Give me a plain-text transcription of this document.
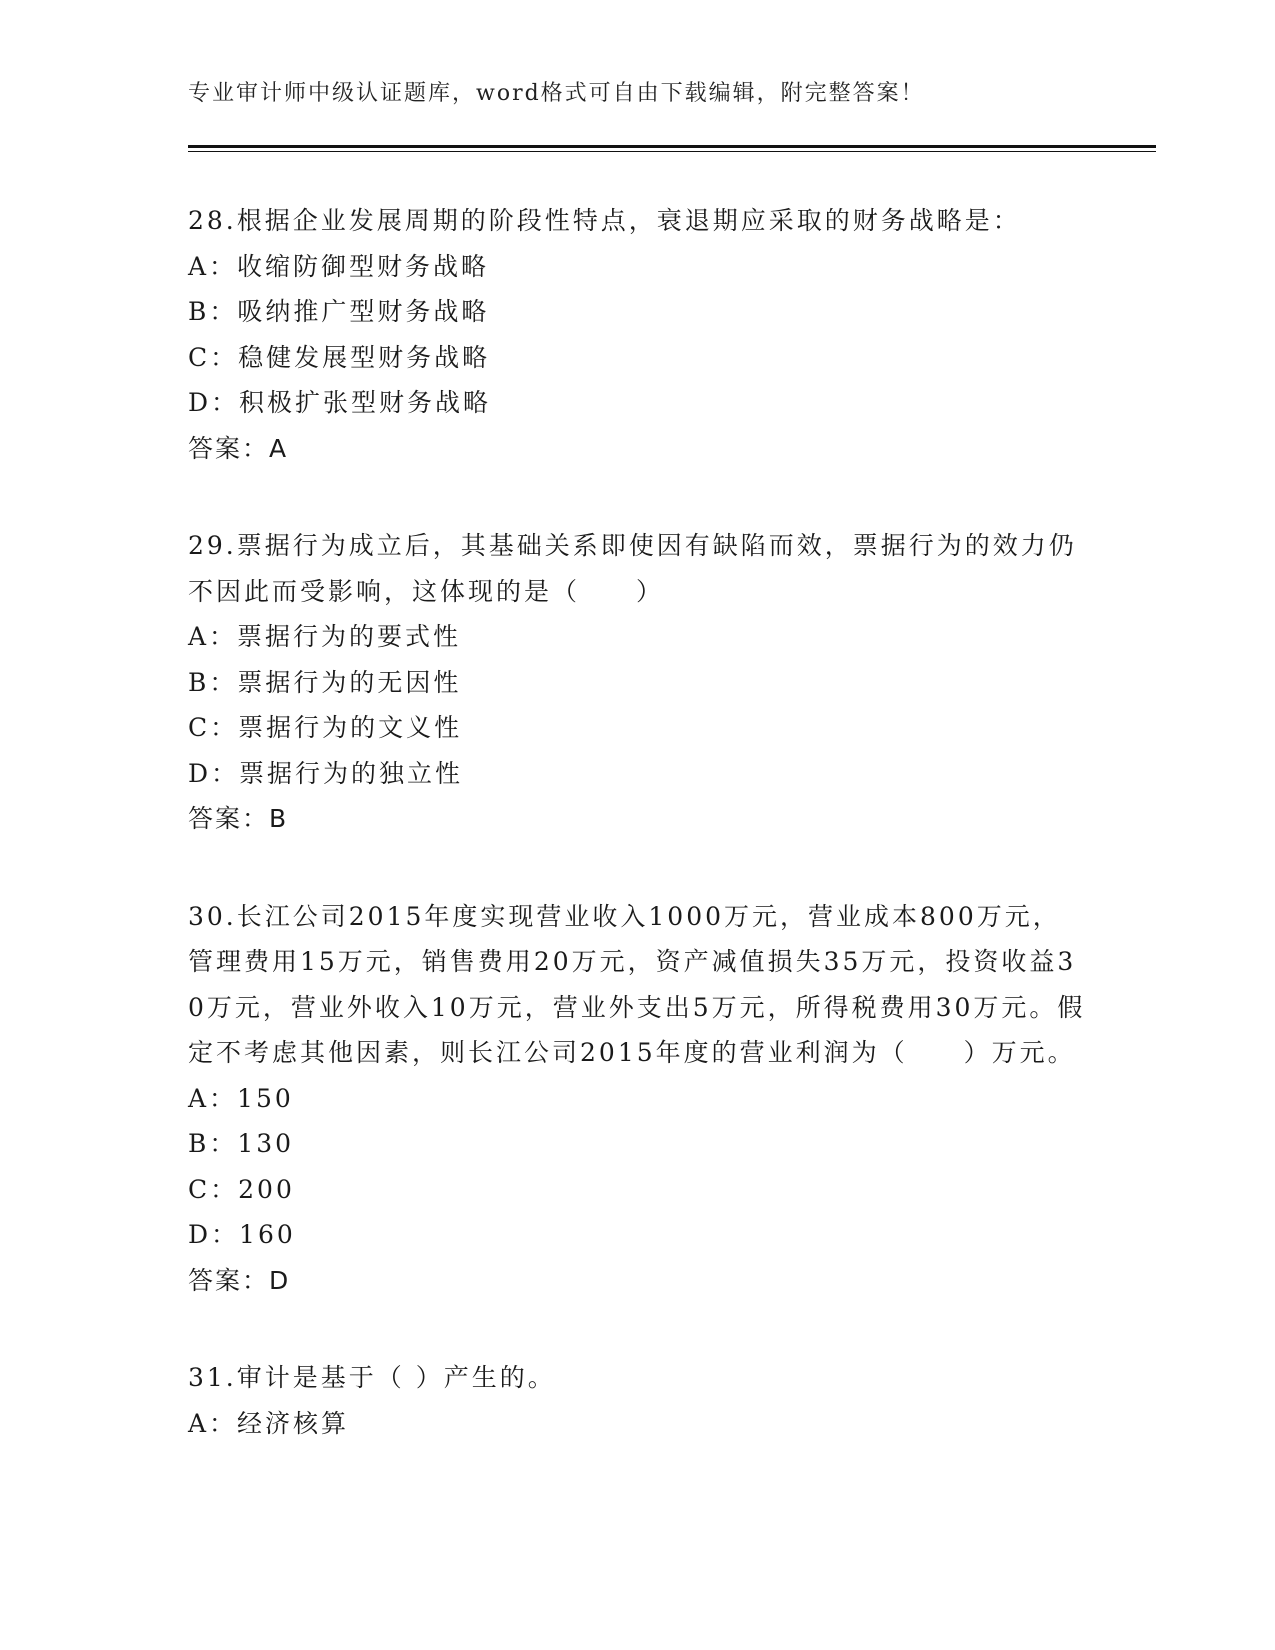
专业审计师中级认证题库，word格式可自由下载编辑，附完整答案！
28.根据企业发展周期的阶段性特点，衰退期应采取的财务战略是：
A：收缩防御型财务战略
B：吸纳推广型财务战略
C：稳健发展型财务战略
D：积极扩张型财务战略
答案：A
29.票据行为成立后，其基础关系即使因有缺陷而效，票据行为的效力仍不因此而受影响，这体现的是（　　）
A：票据行为的要式性
B：票据行为的无因性
C：票据行为的文义性
D：票据行为的独立性
答案：B
30.长江公司2015年度实现营业收入1000万元，营业成本800万元，管理费用15万元，销售费用20万元，资产减值损失35万元，投资收益30万元，营业外收入10万元，营业外支出5万元，所得税费用30万元。假定不考虑其他因素，则长江公司2015年度的营业利润为（　　）万元。
A：150
B：130
C：200
D：160
答案：D
31.审计是基于（ ）产生的。
A：经济核算
